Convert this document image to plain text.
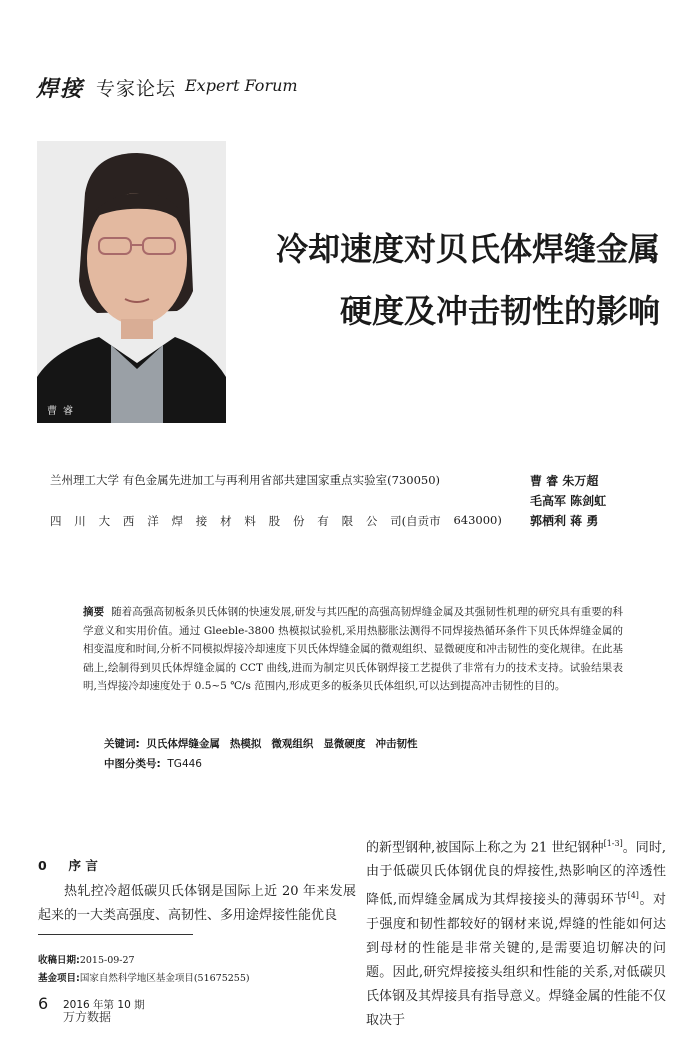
焊接 专家论坛 Expert Forum
曹睿
冷却速度对贝氏体焊缝金属
硬度及冲击韧性的影响
兰州理工大学 有色金属先进加工与再利用省部共建国家重点实验室(730050)
四 川 大 西 洋 焊 接 材 料 股 份 有 限 公 司(自贡市 643000)
曹 睿 朱万超
毛高军 陈剑虹
郭栖利 蒋 勇
摘要 随着高强高韧板条贝氏体钢的快速发展,研发与其匹配的高强高韧焊缝金属及其强韧性机理的研究具有重要的科学意义和实用价值。通过 Gleeble-3800 热模拟试验机,采用热膨胀法测得不同焊接热循环条件下贝氏体焊缝金属的相变温度和时间,分析不同模拟焊接冷却速度下贝氏体焊缝金属的微观组织、显微硬度和冲击韧性的变化规律。在此基础上,绘制得到贝氏体焊缝金属的 CCT 曲线,进而为制定贝氏体钢焊接工艺提供了非常有力的技术支持。试验结果表明,当焊接冷却速度处于 0.5~5 ℃/s 范围内,形成更多的板条贝氏体组织,可以达到提高冲击韧性的目的。
关键词: 贝氏体焊缝金属 热模拟 微观组织 显微硬度 冲击韧性
中图分类号: TG446
0 序 言
热轧控冷超低碳贝氏体钢是国际上近 20 年来发展起来的一大类高强度、高韧性、多用途焊接性能优良
收稿日期:2015-09-27
基金项目:国家自然科学地区基金项目(51675255)
的新型钢种,被国际上称之为 21 世纪钢种[1-3]。同时,由于低碳贝氏体钢优良的焊接性,热影响区的淬透性降低,而焊缝金属成为其焊接接头的薄弱环节[4]。对于强度和韧性都较好的钢材来说,焊缝的性能如何达到母材的性能是非常关键的,是需要追切解决的问题。因此,研究焊接接头组织和性能的关系,对低碳贝氏体钢及其焊接具有指导意义。焊缝金属的性能不仅取决于
6 2016 年第 10 期
万方数据
